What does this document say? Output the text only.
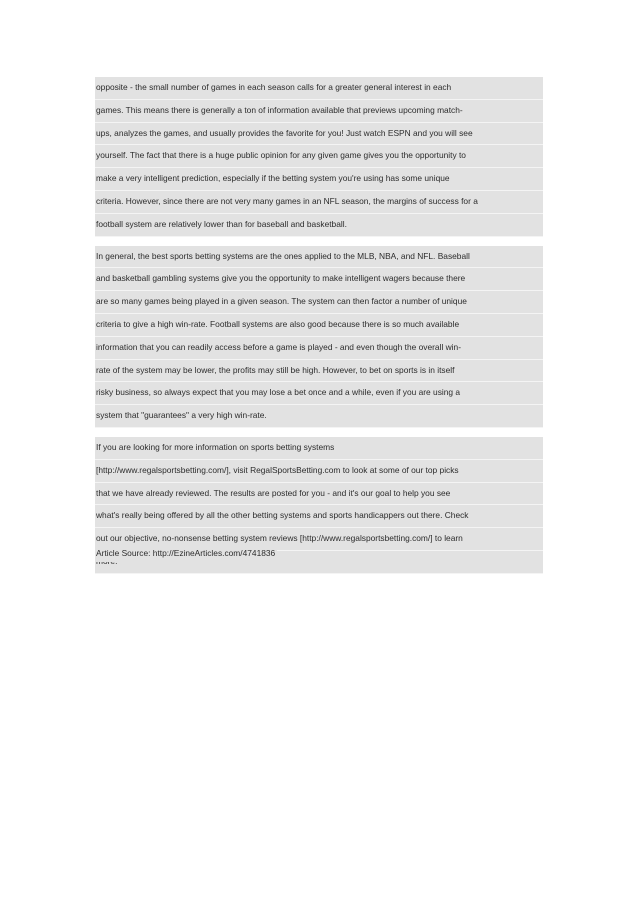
opposite - the small number of games in each season calls for a greater general interest in each
games. This means there is generally a ton of information available that previews upcoming match-
ups, analyzes the games, and usually provides the favorite for you! Just watch ESPN and you will see
yourself. The fact that there is a huge public opinion for any given game gives you the opportunity to
make a very intelligent prediction, especially if the betting system you're using has some unique
criteria. However, since there are not very many games in an NFL season, the margins of success for a
football system are relatively lower than for baseball and basketball.

In general, the best sports betting systems are the ones applied to the MLB, NBA, and NFL. Baseball
and basketball gambling systems give you the opportunity to make intelligent wagers because there
are so many games being played in a given season. The system can then factor a number of unique
criteria to give a high win-rate. Football systems are also good because there is so much available
information that you can readily access before a game is played - and even though the overall win-
rate of the system may be lower, the profits may still be high. However, to bet on sports is in itself
risky business, so always expect that you may lose a bet once and a while, even if you are using a
system that "guarantees" a very high win-rate.

If you are looking for more information on sports betting systems
[http://www.regalsportsbetting.com/], visit RegalSportsBetting.com to look at some of our top picks
that we have already reviewed. The results are posted for you - and it's our goal to help you see
what's really being offered by all the other betting systems and sports handicappers out there. Check
out our objective, no-nonsense betting system reviews [http://www.regalsportsbetting.com/] to learn

Article Source: http://EzineArticles.com/4741836
